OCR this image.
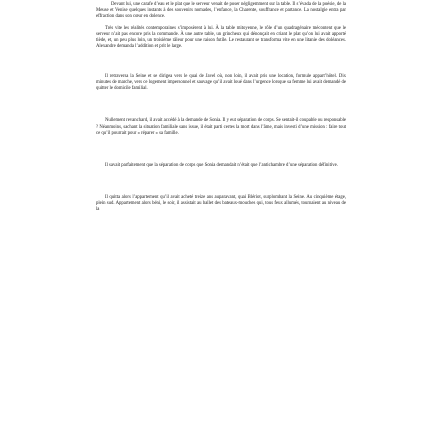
Devant lui, une carafe d’eau et le plat que le serveur venait de poser négligemment sur la table. Il s’évada de la poésie, de la Meuse et Venise quelques instants à des souvenirs nomades, l’enfance, la Charente, souffrance et partance. La nostalgie entra par effraction dans son cœur en dolence.

Très vite les réalités contemporaines s’imposèrent à lui. À la table mitoyenne, le rôle d’un quadragénaire mécontent que le serveur n’ait pas encore pris la commande. À une autre table, un grincheux qui dénonçait en criant le plat qu’on lui avait apporté tiède, et, un peu plus loin, un troisième râleur pour une raison futile. Le restaurant se transforma vite en une litanie des doléances. Alexandre demanda l’addition et prit le large.

Il retraversa la Seine et se dirigea vers le quai de Javel où, non loin, il avait pris une location, formule appart’hôtel. Dix minutes de marche, vers ce logement impersonnel et sauvage qu’il avait loué dans l’urgence lorsque sa femme lui avait demandé de quitter le domicile familial.

Nullement revanchard, il avait accédé à la demande de Sonia. Il y eut séparation de corps. Se sentait-il coupable ou responsable ? Néanmoins, sachant la situation familiale sans issue, il était parti certes la mort dans l’âme, mais investi d’une mission : faire tout ce qu’il pourrait pour « réparer » sa famille.

Il savait parfaitement que la séparation de corps que Sonia demandait n’était que l’antichambre d’une séparation définitive.

Il quitta alors l’appartement qu’il avait acheté treize ans auparavant, quai Blériot, surplombant la Seine. Au cinquième étage, plein sud. Appartement alors béni, le soir, il assistait au ballet des bateaux-mouches qui, tous feux allumés, tournaient au niveau de la
